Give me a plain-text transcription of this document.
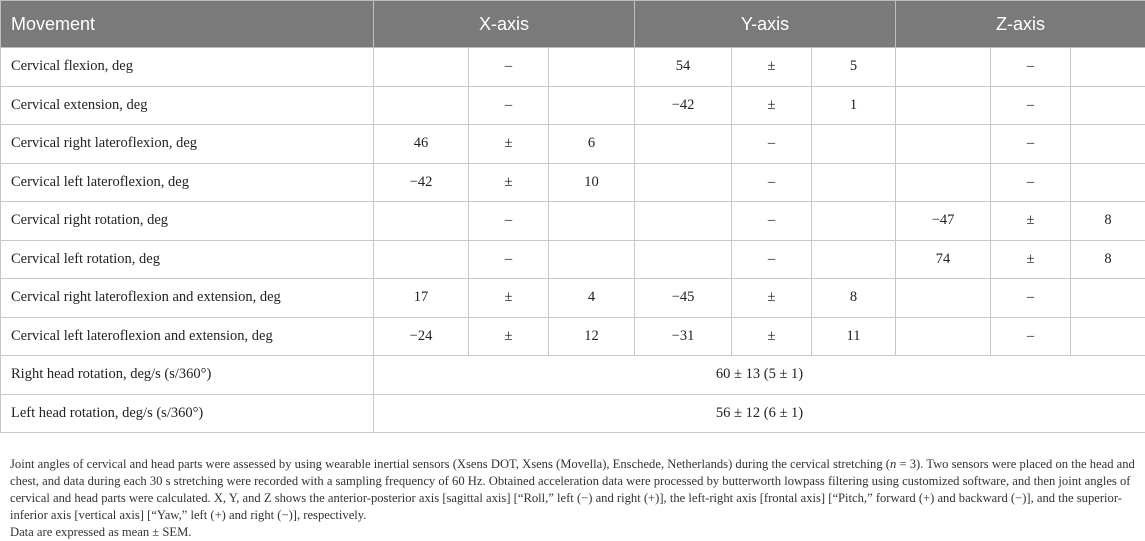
Movement	X-axis			Y-axis			Z-axis		
Cervical flexion, deg		–		54	±	5		–	
Cervical extension, deg		–		−42	±	1		–	
Cervical right lateroflexion, deg	46	±	6		–			–	
Cervical left lateroflexion, deg	−42	±	10		–			–	
Cervical right rotation, deg		–			–		−47	±	8
Cervical left rotation, deg		–			–		74	±	8
Cervical right lateroflexion and extension, deg	17	±	4	−45	±	8		–	
Cervical left lateroflexion and extension, deg	−24	±	12	−31	±	11		–	
Right head rotation, deg/s (s/360°)	60 ± 13 (5 ± 1)								
Left head rotation, deg/s (s/360°)	56 ± 12 (6 ± 1)								

Joint angles of cervical and head parts were assessed by using wearable inertial sensors (Xsens DOT, Xsens (Movella), Enschede, Netherlands) during the cervical stretching (n = 3). Two sensors were placed on the head and chest, and data during each 30 s stretching were recorded with a sampling frequency of 60 Hz. Obtained acceleration data were processed by butterworth lowpass filtering using customized software, and then joint angles of cervical and head parts were calculated. X, Y, and Z shows the anterior-posterior axis [sagittal axis] [“Roll,” left (−) and right (+)], the left-right axis [frontal axis] [“Pitch,” forward (+) and backward (−)], and the superior-inferior axis [vertical axis] [“Yaw,” left (+) and right (−)], respectively.

Data are expressed as mean ± SEM.
